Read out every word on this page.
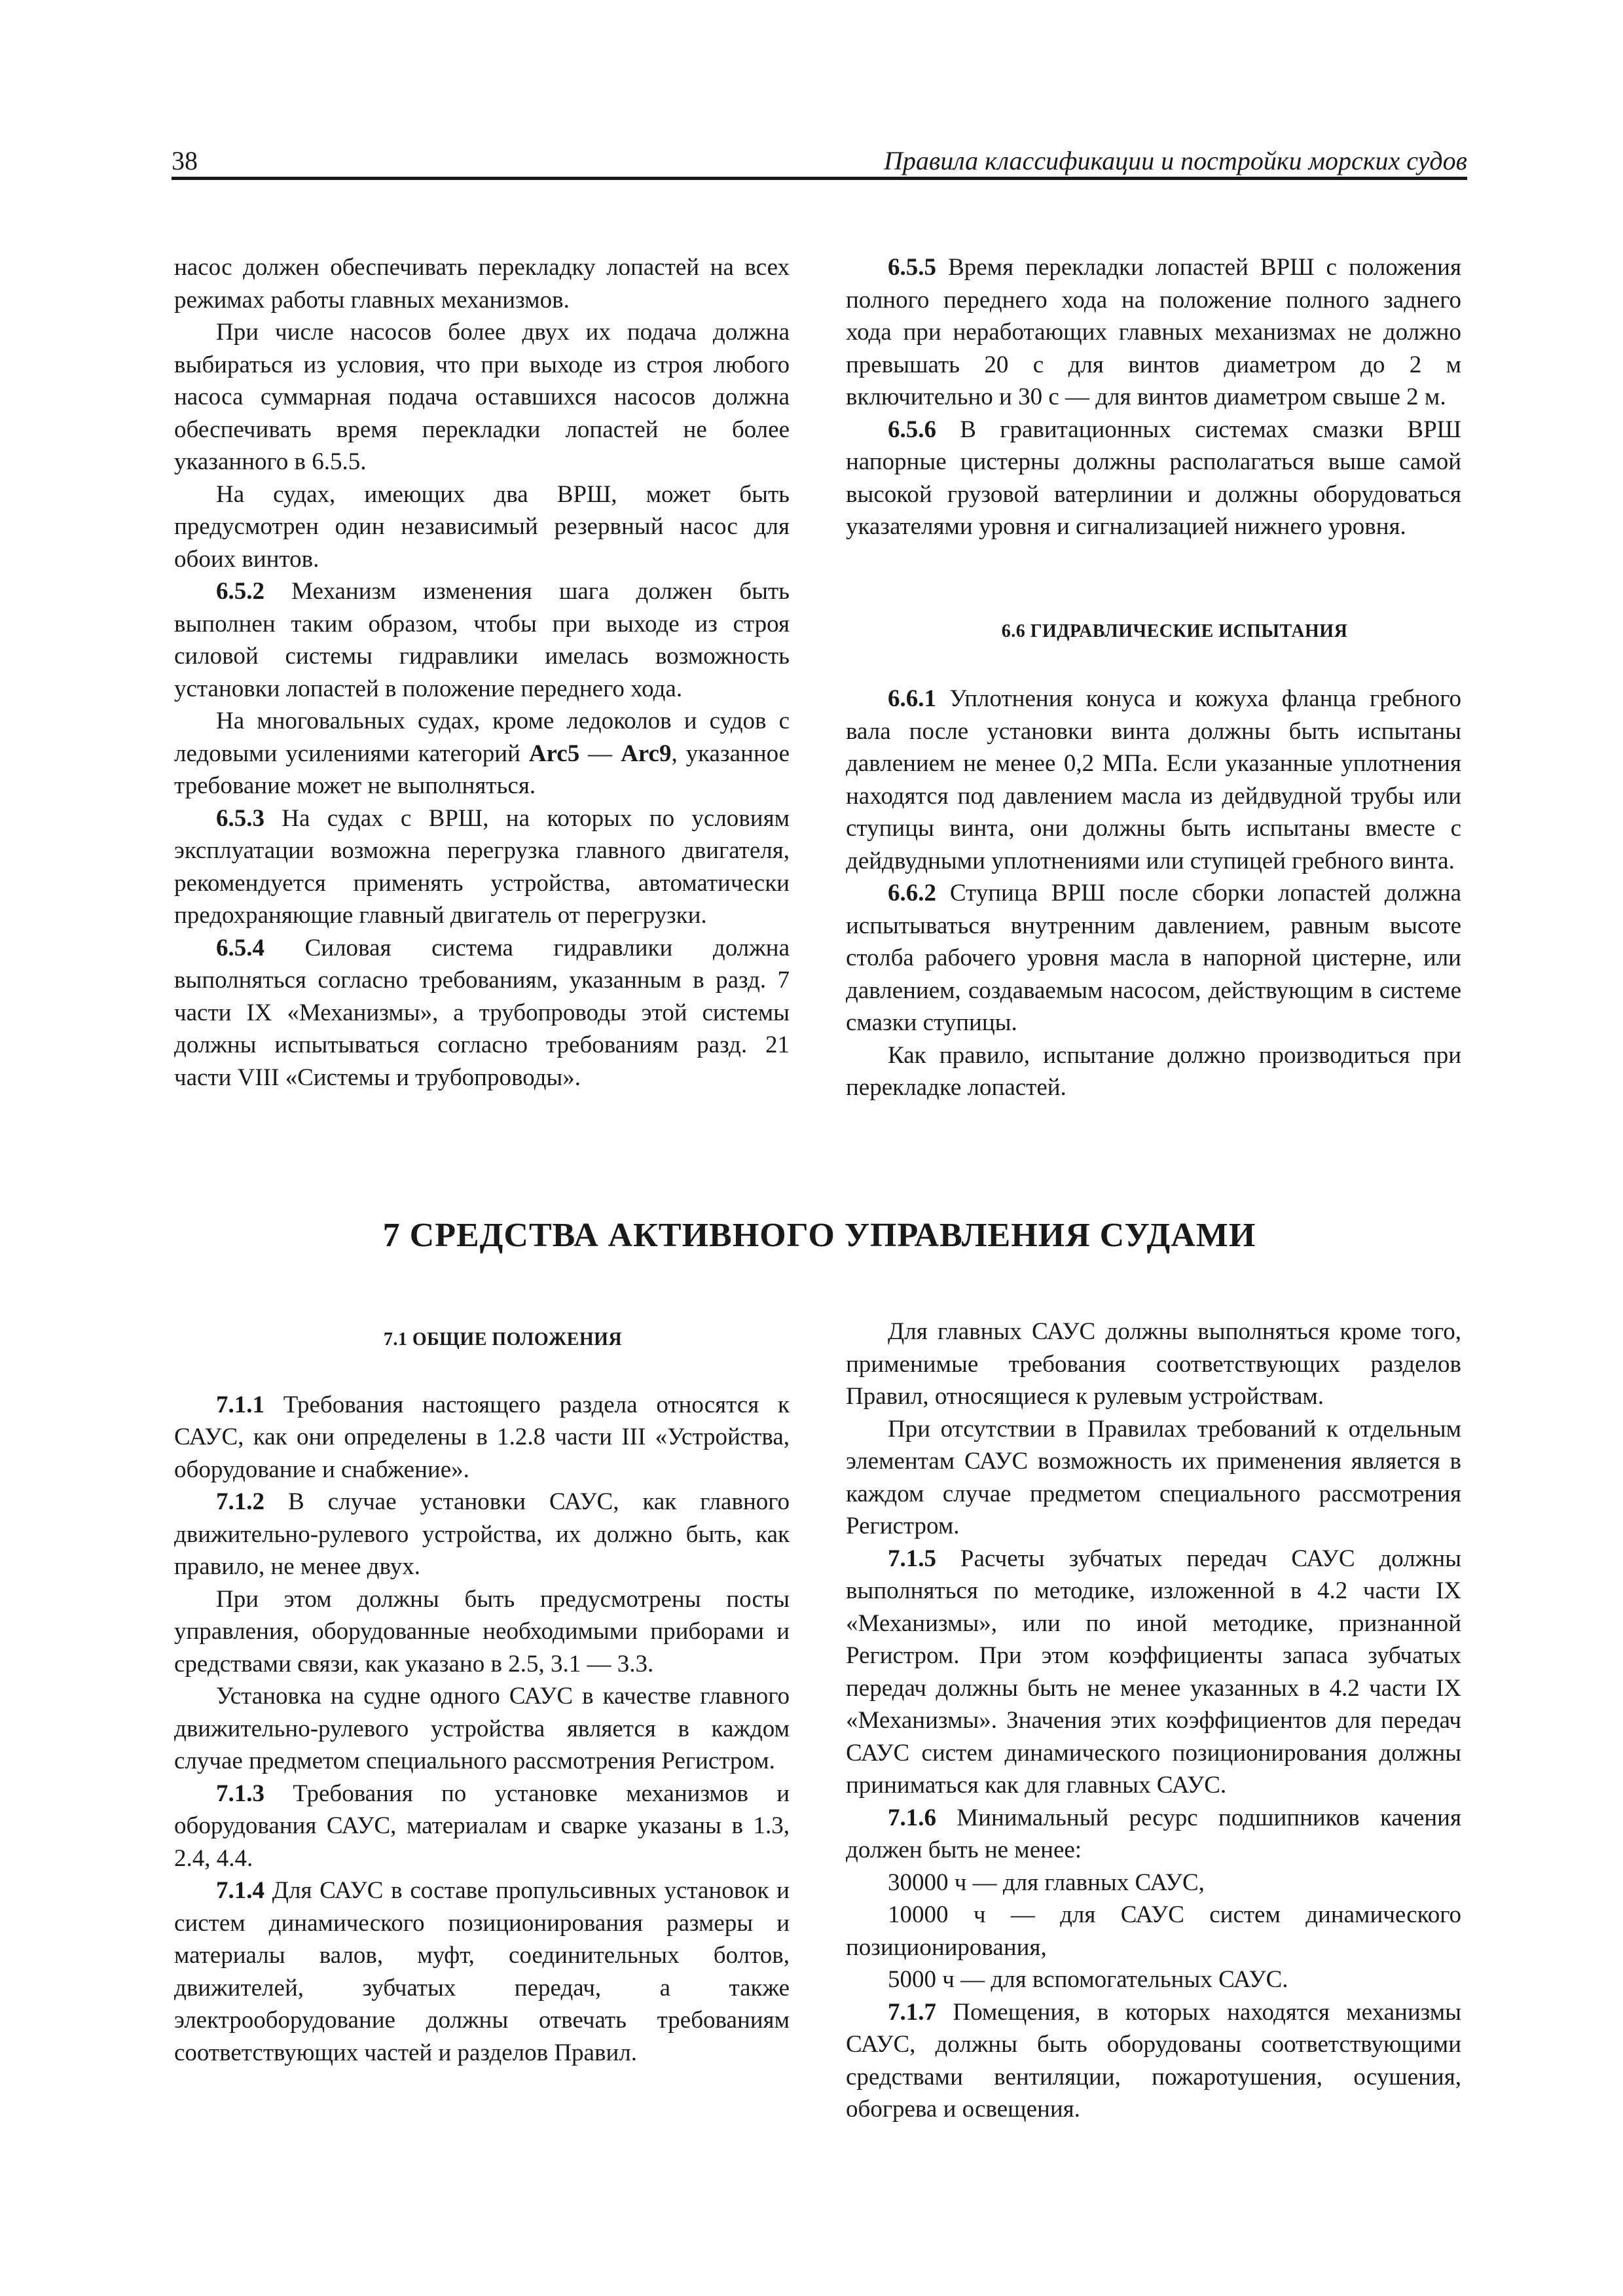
38	Правила классификации и постройки морских судов

насос должен обеспечивать перекладку лопастей на всех режимах работы главных механизмов.

При числе насосов более двух их подача должна выбираться из условия, что при выходе из строя любого насоса суммарная подача оставшихся насосов должна обеспечивать время перекладки лопастей не более указанного в 6.5.5.

На судах, имеющих два ВРШ, может быть предусмотрен один независимый резервный насос для обоих винтов.

6.5.2 Механизм изменения шага должен быть выполнен таким образом, чтобы при выходе из строя силовой системы гидравлики имелась возможность установки лопастей в положение переднего хода.

На многовальных судах, кроме ледоколов и судов с ледовыми усилениями категорий Arc5 — Arc9, указанное требование может не выполняться.

6.5.3 На судах с ВРШ, на которых по условиям эксплуатации возможна перегрузка главного двигателя, рекомендуется применять устройства, автоматически предохраняющие главный двигатель от перегрузки.

6.5.4 Силовая система гидравлики должна выполняться согласно требованиям, указанным в разд. 7 части IX «Механизмы», а трубопроводы этой системы должны испытываться согласно требованиям разд. 21 части VIII «Системы и трубопроводы».

6.5.5 Время перекладки лопастей ВРШ с положения полного переднего хода на положение полного заднего хода при неработающих главных механизмах не должно превышать 20 с для винтов диаметром до 2 м включительно и 30 с — для винтов диаметром свыше 2 м.

6.5.6 В гравитационных системах смазки ВРШ напорные цистерны должны располагаться выше самой высокой грузовой ватерлинии и должны оборудоваться указателями уровня и сигнализацией нижнего уровня.

6.6 ГИДРАВЛИЧЕСКИЕ ИСПЫТАНИЯ

6.6.1 Уплотнения конуса и кожуха фланца гребного вала после установки винта должны быть испытаны давлением не менее 0,2 МПа. Если указанные уплотнения находятся под давлением масла из дейдвудной трубы или ступицы винта, они должны быть испытаны вместе с дейдвудными уплотнениями или ступицей гребного винта.

6.6.2 Ступица ВРШ после сборки лопастей должна испытываться внутренним давлением, равным высоте столба рабочего уровня масла в напорной цистерне, или давлением, создаваемым насосом, действующим в системе смазки ступицы.

Как правило, испытание должно производиться при перекладке лопастей.

7 СРЕДСТВА АКТИВНОГО УПРАВЛЕНИЯ СУДАМИ

7.1 ОБЩИЕ ПОЛОЖЕНИЯ

7.1.1 Требования настоящего раздела относятся к САУС, как они определены в 1.2.8 части III «Устройства, оборудование и снабжение».

7.1.2 В случае установки САУС, как главного движительно-рулевого устройства, их должно быть, как правило, не менее двух.

При этом должны быть предусмотрены посты управления, оборудованные необходимыми приборами и средствами связи, как указано в 2.5, 3.1 — 3.3.

Установка на судне одного САУС в качестве главного движительно-рулевого устройства является в каждом случае предметом специального рассмотрения Регистром.

7.1.3 Требования по установке механизмов и оборудования САУС, материалам и сварке указаны в 1.3, 2.4, 4.4.

7.1.4 Для САУС в составе пропульсивных установок и систем динамического позиционирования размеры и материалы валов, муфт, соединительных болтов, движителей, зубчатых передач, а также электрооборудование должны отвечать требованиям соответствующих частей и разделов Правил.

Для главных САУС должны выполняться кроме того, применимые требования соответствующих разделов Правил, относящиеся к рулевым устройствам.

При отсутствии в Правилах требований к отдельным элементам САУС возможность их применения является в каждом случае предметом специального рассмотрения Регистром.

7.1.5 Расчеты зубчатых передач САУС должны выполняться по методике, изложенной в 4.2 части IX «Механизмы», или по иной методике, признанной Регистром. При этом коэффициенты запаса зубчатых передач должны быть не менее указанных в 4.2 части IX «Механизмы». Значения этих коэффициентов для передач САУС систем динамического позиционирования должны приниматься как для главных САУС.

7.1.6 Минимальный ресурс подшипников качения должен быть не менее:

30000 ч — для главных САУС,

10000 ч — для САУС систем динамического позиционирования,

5000 ч — для вспомогательных САУС.

7.1.7 Помещения, в которых находятся механизмы САУС, должны быть оборудованы соответствующими средствами вентиляции, пожаротушения, осушения, обогрева и освещения.
